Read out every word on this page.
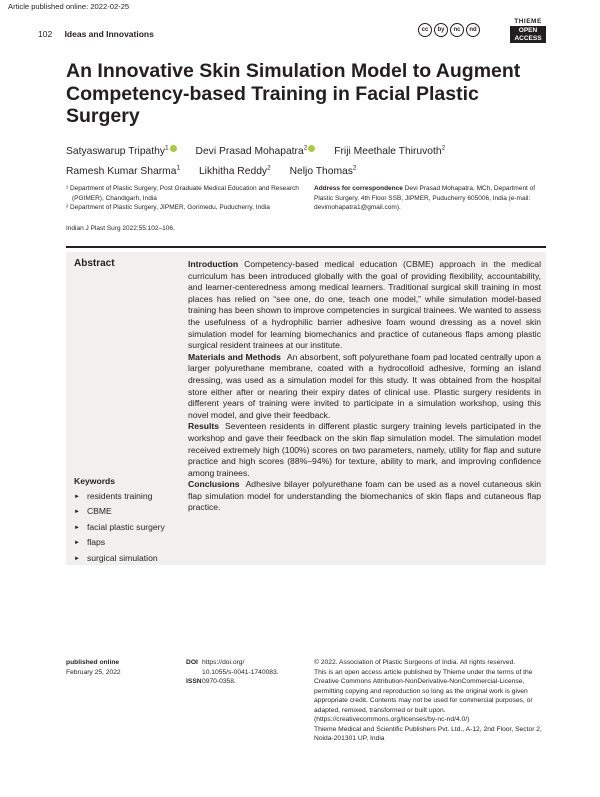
Article published online: 2022-02-25
102 Ideas and Innovations	cc	by	nc	nd
THIEME
OPEN
ACCESS
An Innovative Skin Simulation Model to Augment Competency-based Training in Facial Plastic Surgery
Satyaswarup Tripathy$^1$	Devi Prasad Mohapatra$^2$	Friji Meethale Thiruvoth$^2$
Ramesh Kumar Sharma$^1$ Likhitha Reddy$^2$ Neljo Thomas$^2$

¹ Department of Plastic Surgery, Post Graduate Medical Education and Research (PGIMER), Chandigarh, India

² Department of Plastic Surgery, JIPMER, Gorimedu, Puducherry, India

Address for correspondence Devi Prasad Mohapatra, MCh, Department of Plastic Surgery, 4th Floor SSB, JIPMER, Puducherry 605006, India (e-mail: devimohapatra1@gmail.com).
Indian J Plast Surg 2022;55:102–106.
Abstract	Introduction Competency-based medical education (CBME) approach in the medical curriculum has been introduced globally with the goal of providing flexibility, accountability, and learner-centeredness among medical learners. Traditional surgical skill training in most places has relied on “see one, do one, teach one model,” while simulation model-based training has been shown to improve competencies in surgical trainees. We wanted to assess the usefulness of a hydrophilic barrier adhesive foam wound dressing as a novel skin simulation model for learning biomechanics and practice of cutaneous flaps among plastic surgical resident trainees at our institute.

Materials and Methods An absorbent, soft polyurethane foam pad located centrally upon a larger polyurethane membrane, coated with a hydrocolloid adhesive, forming an island dressing, was used as a simulation model for this study. It was obtained from the hospital store either after or nearing their expiry dates of clinical use. Plastic surgery residents in different years of training were invited to participate in a simulation workshop, using this novel model, and give their feedback.

Results Seventeen residents in different plastic surgery training levels participated in the workshop and gave their feedback on the skin flap simulation model. The simulation model received extremely high (100%) scores on two parameters, namely, utility for flap and suture practice and high scores (88%–94%) for texture, ability to mark, and improving confidence among trainees.

Conclusions Adhesive bilayer polyurethane foam can be used as a novel cutaneous skin flap simulation model for understanding the biomechanics of skin flaps and cutaneous flap practice.

Keywords
► residents training
► CBME
► facial plastic surgery
► flaps
► surgical simulation
published online
February 25, 2022
DOI https://doi.org/

10.1055/s-0041-1740083.
ISSN0970-0358.
© 2022. Association of Plastic Surgeons of India. All rights reserved.
This is an open access article published by Thieme under the terms of the Creative Commons Attribution-NonDerivative-NonCommercial-License, permitting copying and reproduction so long as the original work is given appropriate credit. Contents may not be used for commercial purposes, or adapted, remixed, transformed or built upon. (https://creativecommons.org/licenses/by-nc-nd/4.0/)
Thieme Medical and Scientific Publishers Pvt. Ltd., A-12, 2nd Floor, Sector 2, Noida-201301 UP, India
